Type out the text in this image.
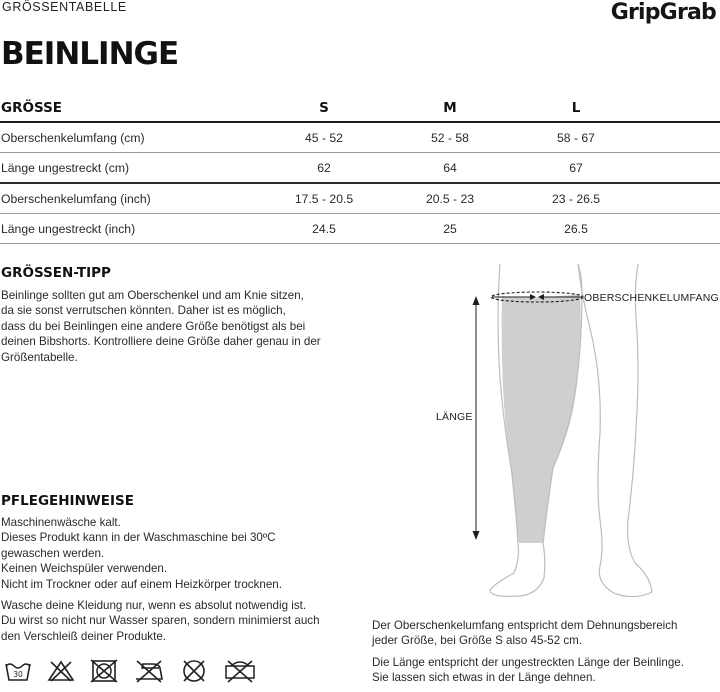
GRÖSSENTABELLE	GripGrab
BEINLINGE
GRÖSSE	S	M	L	
Oberschenkelumfang (cm)	45 - 52	52 - 58	58 - 67	
Länge ungestreckt (cm)	62	64	67	
Oberschenkelumfang (inch)	17.5 - 20.5	20.5 - 23	23 - 26.5	
Länge ungestreckt (inch)	24.5	25	26.5	
GRÖSSEN-TIPP

Beinlinge sollten gut am Oberschenkel und am Knie sitzen,

da sie sonst verrutschen könnten. Daher ist es möglich,

dass du bei Beinlingen eine andere Größe benötigst als bei

deinen Bibshorts. Kontrolliere deine Größe daher genau in der

Größentabelle.

PFLEGEHINWEISE

Maschinenwäsche kalt.

Dieses Produkt kann in der Waschmaschine bei 30ºC

gewaschen werden.

Keinen Weichspüler verwenden.

Nicht im Trockner oder auf einem Heizkörper trocknen.

Wasche deine Kleidung nur, wenn es absolut notwendig ist.

Du wirst so nicht nur Wasser sparen, sondern minimierst auch

den Verschleiß deiner Produkte.

30
OBERSCHENKELUMFANG
LÄNGE

Der Oberschenkelumfang entspricht dem Dehnungsbereich
jeder Größe, bei Größe S also 45-52 cm.

Die Länge entspricht der ungestreckten Länge der Beinlinge.
Sie lassen sich etwas in der Länge dehnen.
